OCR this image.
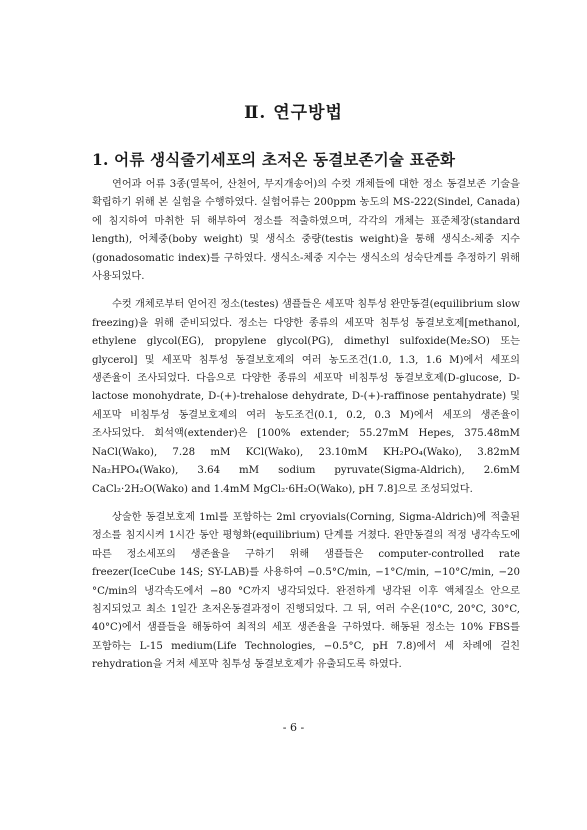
Ⅱ. 연구방법
1. 어류 생식줄기세포의 초저온 동결보존기술 표준화

연어과 어류 3종(열목어, 산천어, 무지개송어)의 수컷 개체들에 대한 정소 동결보존 기술을 확립하기 위해 본 실험을 수행하였다. 실험어류는 200ppm 농도의 MS-222(Sindel, Canada)에 침지하여 마취한 뒤 해부하여 정소를 적출하였으며, 각각의 개체는 표준체장(standard length), 어체중(boby weight) 및 생식소 중량(testis weight)을 통해 생식소-체중 지수(gonadosomatic index)를 구하였다. 생식소-체중 지수는 생식소의 성숙단계를 추정하기 위해 사용되었다.

수컷 개체로부터 얻어진 정소(testes) 샘플들은 세포막 침투성 완만동결(equilibrium slow freezing)을 위해 준비되었다. 정소는 다양한 종류의 세포막 침투성 동결보호제[methanol, ethylene glycol(EG), propylene glycol(PG), dimethyl sulfoxide(Me₂SO) 또는 glycerol] 및 세포막 침투성 동결보호제의 여러 농도조건(1.0, 1.3, 1.6 M)에서 세포의 생존율이 조사되었다. 다음으로 다양한 종류의 세포막 비침투성 동결보호제(D-glucose, D-lactose monohydrate, D-(+)-trehalose dehydrate, D-(+)-raffinose pentahydrate) 및 세포막 비침투성 동결보호제의 여러 농도조건(0.1, 0.2, 0.3 M)에서 세포의 생존율이 조사되었다. 희석액(extender)은 [100% extender; 55.27mM Hepes, 375.48mM NaCl(Wako), 7.28 mM KCl(Wako), 23.10mM KH₂PO₄(Wako), 3.82mM Na₂HPO₄(Wako), 3.64 mM sodium pyruvate(Sigma-Aldrich), 2.6mM CaCl₂·2H₂O(Wako) and 1.4mM MgCl₂·6H₂O(Wako), pH 7.8]으로 조성되었다.

상술한 동결보호제 1ml를 포함하는 2ml cryovials(Corning, Sigma-Aldrich)에 적출된 정소를 침지시켜 1시간 동안 평형화(equilibrium) 단계를 거쳤다. 완만동결의 적정 냉각속도에 따른 정소세포의 생존율을 구하기 위해 샘플들은 computer-controlled rate freezer(IceCube 14S; SY-LAB)를 사용하여 −0.5°C/min, −1°C/min, −10°C/min, −20 °C/min의 냉각속도에서 −80 °C까지 냉각되었다. 완전하게 냉각된 이후 액체질소 안으로 침지되었고 최소 1일간 초저온동결과정이 진행되었다. 그 뒤, 여러 수온(10°C, 20°C, 30°C, 40°C)에서 샘플들을 해동하여 최적의 세포 생존율을 구하였다. 해동된 정소는 10% FBS를 포함하는 L-15 medium(Life Technologies, −0.5°C, pH 7.8)에서 세 차례에 걸친 rehydration을 거쳐 세포막 침투성 동결보호제가 유출되도록 하였다.

- 6 -
